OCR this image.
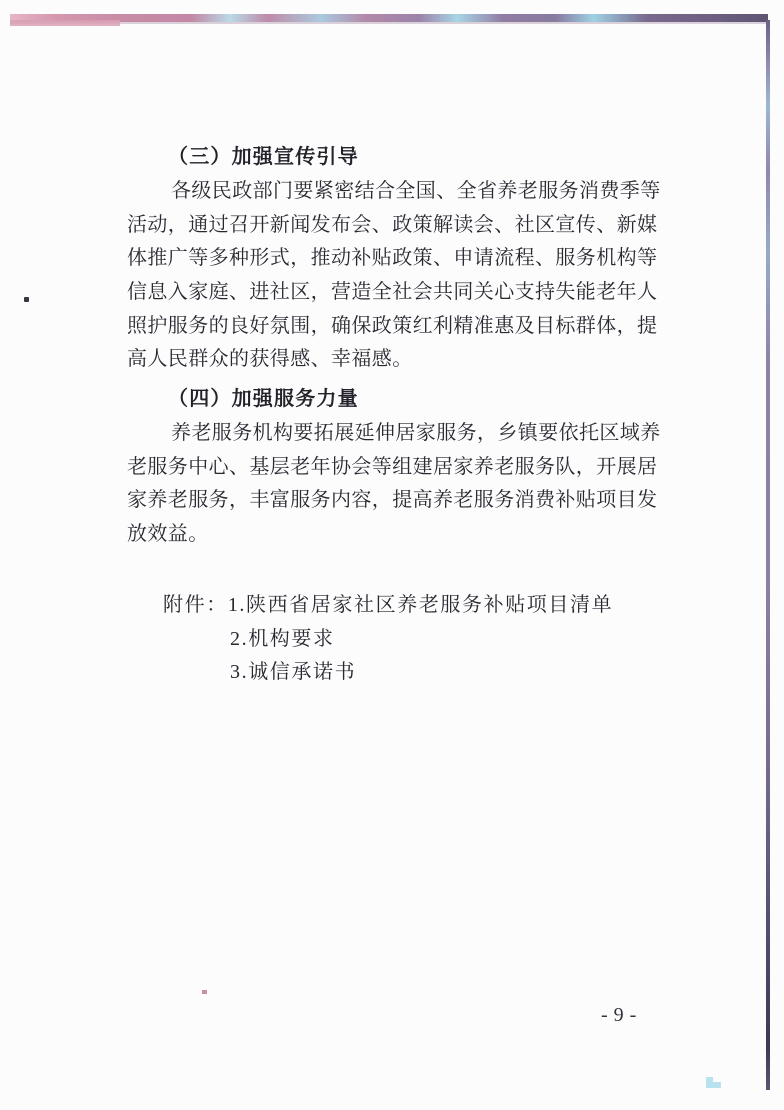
（三）加强宣传引导
各级民政部门要紧密结合全国、全省养老服务消费季等
活动，通过召开新闻发布会、政策解读会、社区宣传、新媒
体推广等多种形式，推动补贴政策、申请流程、服务机构等
信息入家庭、进社区，营造全社会共同关心支持失能老年人
照护服务的良好氛围，确保政策红利精准惠及目标群体，提
高人民群众的获得感、幸福感。
（四）加强服务力量
养老服务机构要拓展延伸居家服务，乡镇要依托区域养
老服务中心、基层老年协会等组建居家养老服务队，开展居
家养老服务，丰富服务内容，提高养老服务消费补贴项目发
放效益。
附件：1.陕西省居家社区养老服务补贴项目清单
2.机构要求
3.诚信承诺书
-9-
